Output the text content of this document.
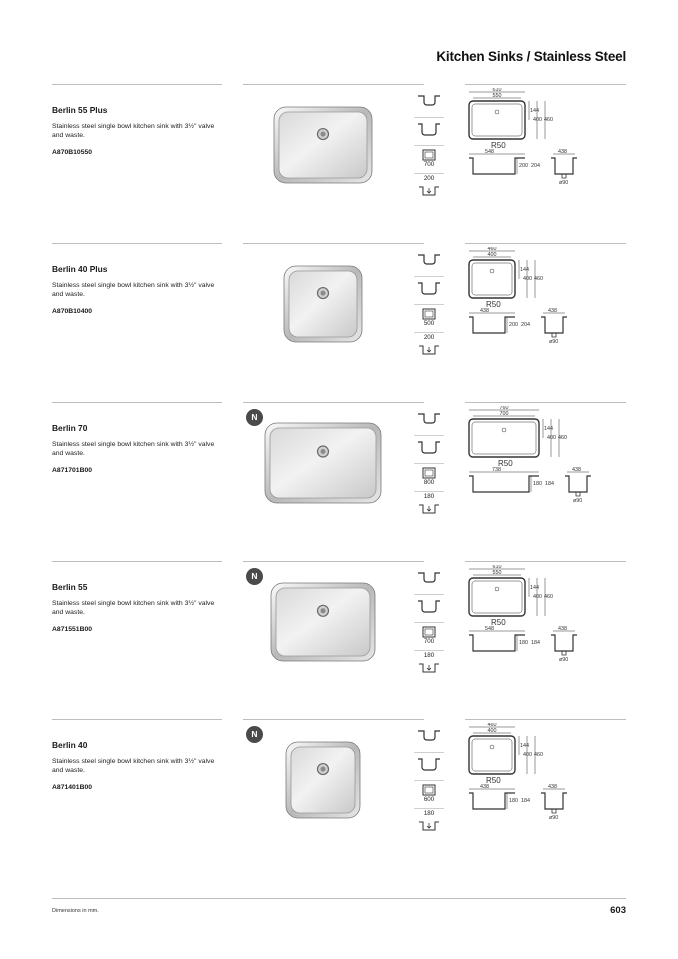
Kitchen Sinks / Stainless Steel
Berlin 55 Plus
Stainless steel single bowl kitchen sink with 3½" valve and waste.
A870B10550
700
200
610
550
144
400 460
R50
548
200 204
438
ø90
Berlin 40 Plus
Stainless steel single bowl kitchen sink with 3½" valve and waste.
A870B10400
500
200
460
400
144
400 460
R50
438
200 204
438
ø90
Berlin 70
Stainless steel single bowl kitchen sink with 3½" valve and waste.
A871701B00
N
800
180
760
700
144
400 460
R50
738
180 184
438
ø90
Berlin 55
Stainless steel single bowl kitchen sink with 3½" valve and waste.
A871551B00
N
700
180
610
550
144
400 460
R50
548
180 184
438
ø90
Berlin 40
Stainless steel single bowl kitchen sink with 3½" valve and waste.
A871401B00
N
600
180
460
400
144
400 460
R50
438
180 184
438
ø90
Dimensions in mm.	603
